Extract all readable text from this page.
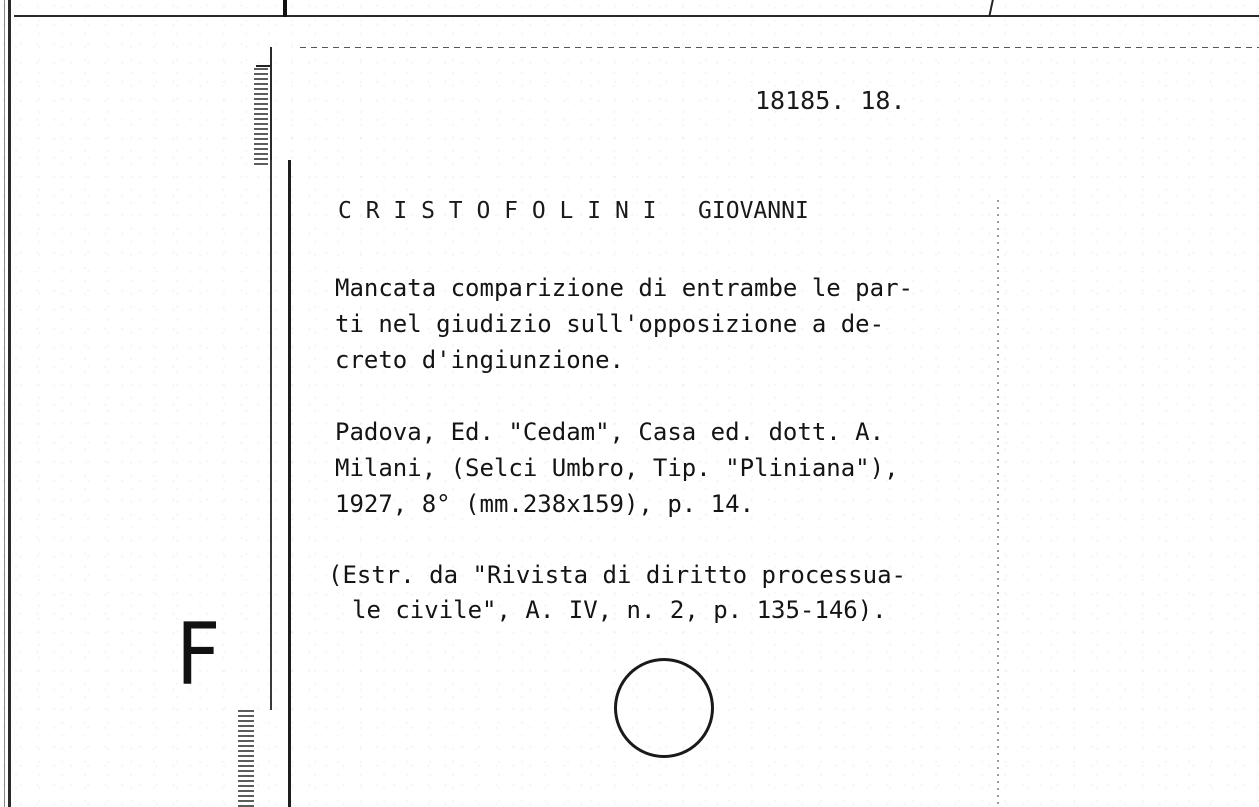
F
18185. 18.
C R I S T O F O L I N I   GIOVANNI
Mancata comparizione di entrambe le par-
ti nel giudizio sull'opposizione a de-
creto d'ingiunzione.
Padova, Ed. "Cedam", Casa ed. dott. A.
Milani, (Selci Umbro, Tip. "Pliniana"),
1927, 8° (mm.238x159), p. 14.
(Estr. da "Rivista di diritto processua-
le civile", A. IV, n. 2, p. 135-146).
